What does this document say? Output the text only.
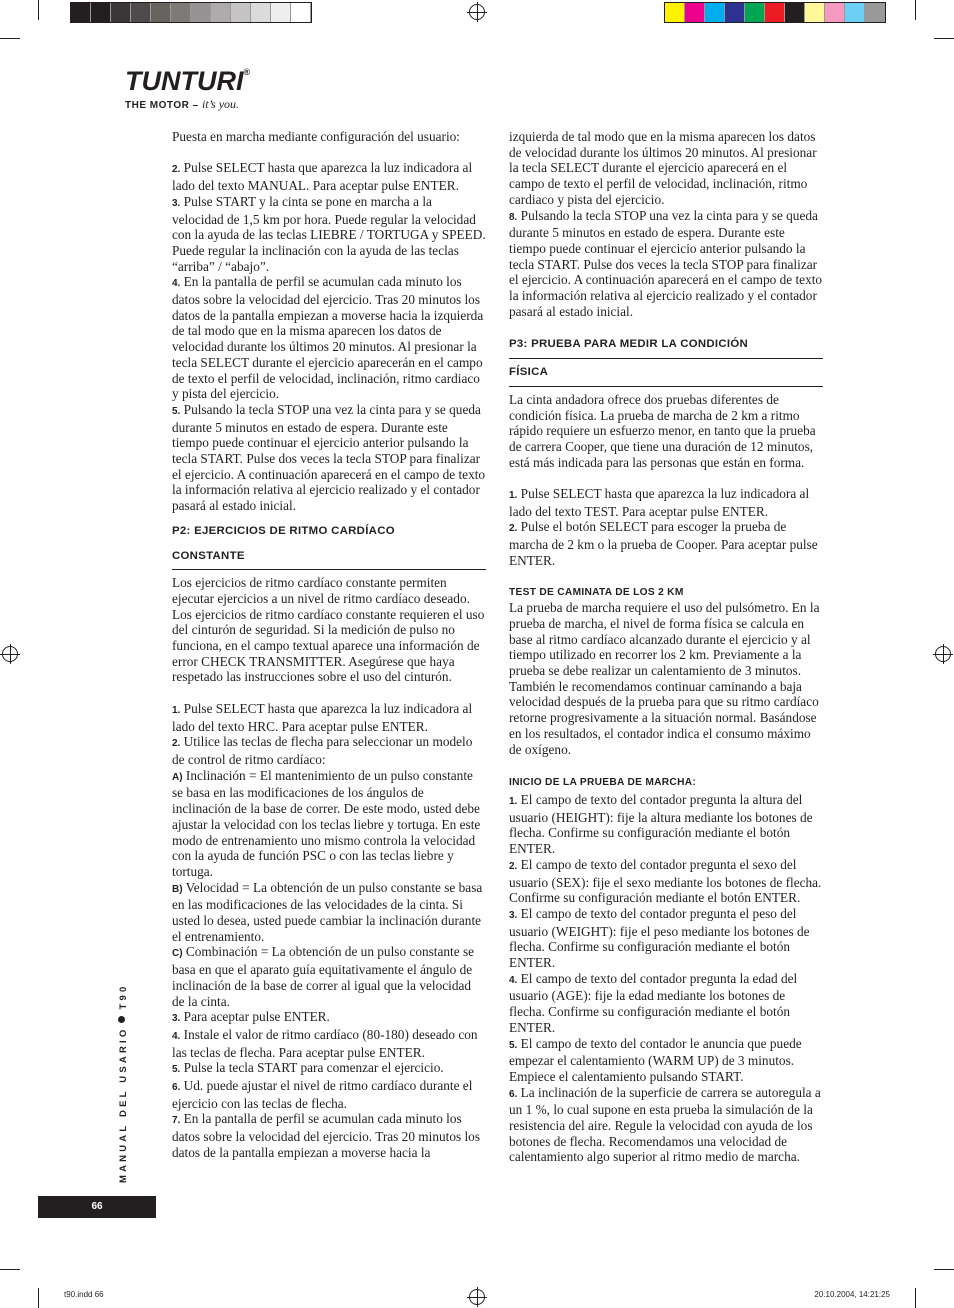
TUNTURI®
THE MOTOR – it’s you.

Puesta en marcha mediante configuración del usuario:

2. Pulse SELECT hasta que aparezca la luz indicadora al lado del texto MANUAL. Para aceptar pulse ENTER.

3. Pulse START y la cinta se pone en marcha a la velocidad de 1,5 km por hora. Puede regular la velocidad con la ayuda de las teclas LIEBRE / TORTUGA y SPEED. Puede regular la inclinación con la ayuda de las teclas “arriba” / “abajo”.

4. En la pantalla de perfil se acumulan cada minuto los datos sobre la velocidad del ejercicio. Tras 20 minutos los datos de la pantalla empiezan a moverse hacia la izquierda de tal modo que en la misma aparecen los datos de velocidad durante los últimos 20 minutos. Al presionar la tecla SELECT durante el ejercicio aparecerán en el campo de texto el perfil de velocidad, inclinación, ritmo cardiaco y pista del ejercicio.

5. Pulsando la tecla STOP una vez la cinta para y se queda durante 5 minutos en estado de espera. Durante este tiempo puede continuar el ejercicio anterior pulsando la tecla START. Pulse dos veces la tecla STOP para finalizar el ejercicio. A continuación aparecerá en el campo de texto la información relativa al ejercicio realizado y el contador pasará al estado inicial.

P2: EJERCICIOS DE RITMO CARDÍACO
CONSTANTE

Los ejercicios de ritmo cardíaco constante permiten ejecutar ejercicios a un nivel de ritmo cardíaco deseado. Los ejercicios de ritmo cardíaco constante requieren el uso del cinturón de seguridad. Si la medición de pulso no funciona, en el campo textual aparece una información de error CHECK TRANSMITTER. Asegúrese que haya respetado las instrucciones sobre el uso del cinturón.

1. Pulse SELECT hasta que aparezca la luz indicadora al lado del texto HRC. Para aceptar pulse ENTER.

2. Utilice las teclas de flecha para seleccionar un modelo de control de ritmo cardíaco:

A) Inclinación = El mantenimiento de un pulso constante se basa en las modificaciones de los ángulos de inclinación de la base de correr. De este modo, usted debe ajustar la velocidad con los teclas liebre y tortuga. En este modo de entrenamiento uno mismo controla la velocidad con la ayuda de función PSC o con las teclas liebre y tortuga.

B) Velocidad = La obtención de un pulso constante se basa en las modificaciones de las velocidades de la cinta. Si usted lo desea, usted puede cambiar la inclinación durante el entrenamiento.

C) Combinación = La obtención de un pulso constante se basa en que el aparato guía equitativamente el ángulo de inclinación de la base de correr al igual que la velocidad de la cinta.

3. Para aceptar pulse ENTER.

4. Instale el valor de ritmo cardíaco (80-180) deseado con las teclas de flecha. Para aceptar pulse ENTER.

5. Pulse la tecla START para comenzar el ejercicio.

6. Ud. puede ajustar el nivel de ritmo cardíaco durante el ejercicio con las teclas de flecha.

7. En la pantalla de perfil se acumulan cada minuto los datos sobre la velocidad del ejercicio. Tras 20 minutos los datos de la pantalla empiezan a moverse hacia la

izquierda de tal modo que en la misma aparecen los datos de velocidad durante los últimos 20 minutos. Al presionar la tecla SELECT durante el ejercicio aparecerá en el campo de texto el perfil de velocidad, inclinación, ritmo cardiaco y pista del ejercicio.

8. Pulsando la tecla STOP una vez la cinta para y se queda durante 5 minutos en estado de espera. Durante este tiempo puede continuar el ejercicio anterior pulsando la tecla START. Pulse dos veces la tecla STOP para finalizar el ejercicio. A continuación aparecerá en el campo de texto la información relativa al ejercicio realizado y el contador pasará al estado inicial.

P3: PRUEBA PARA MEDIR LA CONDICIÓN
FÍSICA

La cinta andadora ofrece dos pruebas diferentes de condición física. La prueba de marcha de 2 km a ritmo rápido requiere un esfuerzo menor, en tanto que la prueba de carrera Cooper, que tiene una duración de 12 minutos, está más indicada para las personas que están en forma.

1. Pulse SELECT hasta que aparezca la luz indicadora al lado del texto TEST. Para aceptar pulse ENTER.

2. Pulse el botón SELECT para escoger la prueba de marcha de 2 km o la prueba de Cooper. Para aceptar pulse ENTER.

TEST DE CAMINATA DE LOS 2 KM

La prueba de marcha requiere el uso del pulsómetro. En la prueba de marcha, el nivel de forma física se calcula en base al ritmo cardíaco alcanzado durante el ejercicio y al tiempo utilizado en recorrer los 2 km. Previamente a la prueba se debe realizar un calentamiento de 3 minutos. También le recomendamos continuar caminando a baja velocidad después de la prueba para que su ritmo cardíaco retorne progresivamente a la situación normal. Basándose en los resultados, el contador indica el consumo máximo de oxígeno.

INICIO DE LA PRUEBA DE MARCHA:

1. El campo de texto del contador pregunta la altura del usuario (HEIGHT): fije la altura mediante los botones de flecha. Confirme su configuración mediante el botón ENTER.

2. El campo de texto del contador pregunta el sexo del usuario (SEX): fije el sexo mediante los botones de flecha. Confirme su configuración mediante el botón ENTER.

3. El campo de texto del contador pregunta el peso del usuario (WEIGHT): fije el peso mediante los botones de flecha. Confirme su configuración mediante el botón ENTER.

4. El campo de texto del contador pregunta la edad del usuario (AGE): fije la edad mediante los botones de flecha. Confirme su configuración mediante el botón ENTER.

5. El campo de texto del contador le anuncia que puede empezar el calentamiento (WARM UP) de 3 minutos. Empiece el calentamiento pulsando START.

6. La inclinación de la superficie de carrera se autoregula a un 1 %, lo cual supone en esta prueba la simulación de la resistencia del aire. Regule la velocidad con ayuda de los botones de flecha. Recomendamos una velocidad de calentamiento algo superior al ritmo medio de marcha.

MANUAL DEL USARIOT90
66
t90.indd 66	20.10.2004, 14:21:25
